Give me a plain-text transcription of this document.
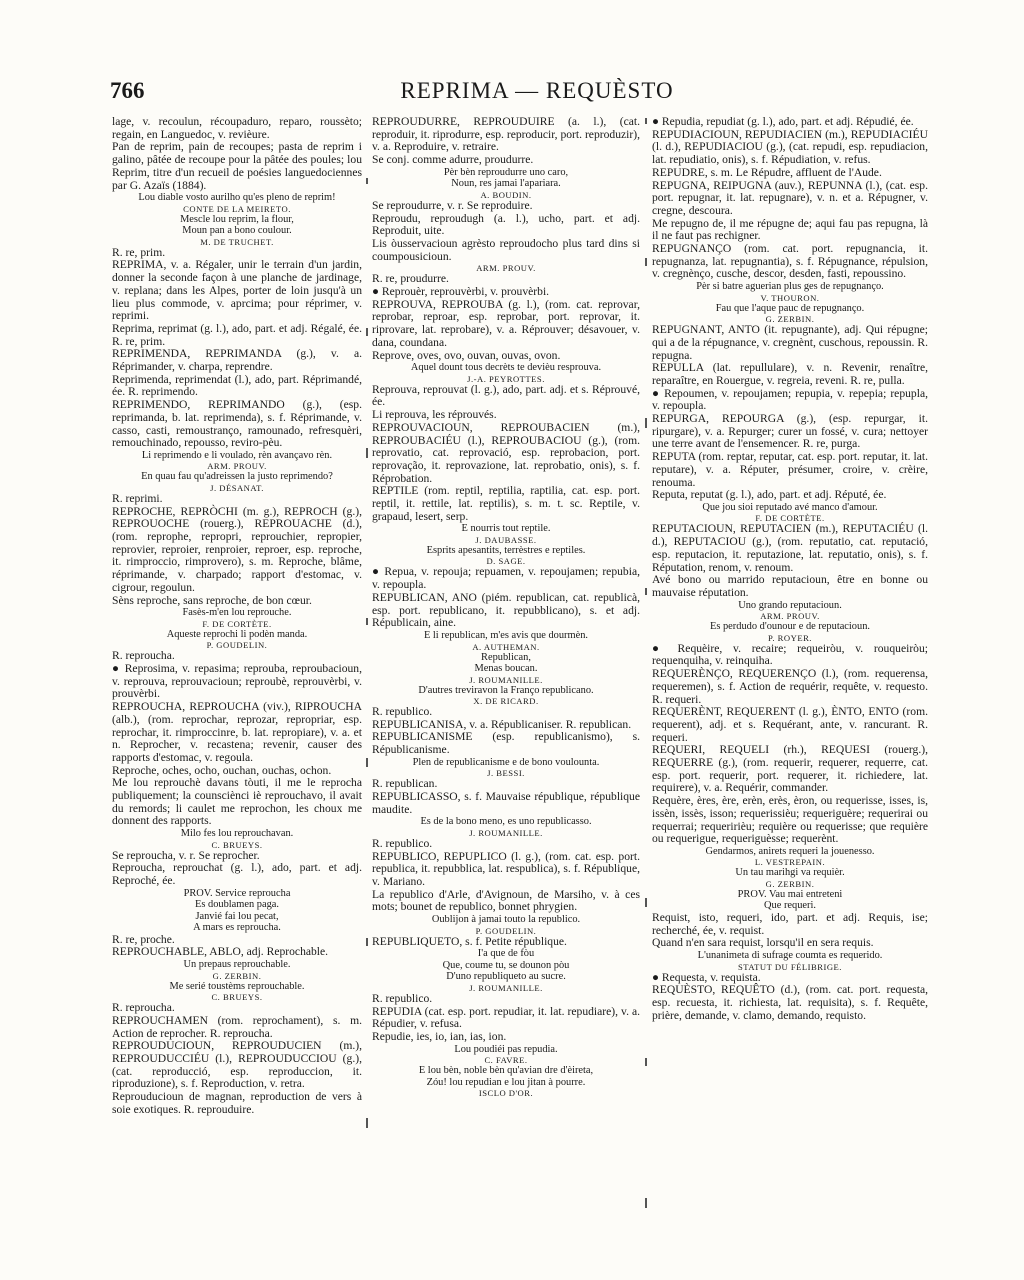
766	REPRIMA — REQUÈSTO

lage, v. recoulun, récoupaduro, reparo, roussèto; regain, en Languedoc, v. revièure.

Pan de reprim, pain de recoupes; pasta de reprim i galino, pâtée de recoupe pour la pâtée des poules; lou Reprim, titre d'un recueil de poésies languedociennes par G. Azaïs (1884).

Lou diable vosto aurilho qu'es pleno de reprim!

CONTE DE LA MEIRETO.

Mescle lou reprim, la flour,

Moun pan a bono coulour.

M. DE TRUCHET.

R. re, prim.

REPRIMA, v. a. Régaler, unir le terrain d'un jardin, donner la seconde façon à une planche de jardinage, v. replana; dans les Alpes, porter de loin jusqu'à un lieu plus commode, v. aprcima; pour réprimer, v. reprimi.

Reprima, reprimat (g. l.), ado, part. et adj. Régalé, ée. R. re, prim.

REPRIMENDA, REPRIMANDA (g.), v. a. Réprimander, v. charpa, reprendre.

Reprimenda, reprimendat (l.), ado, part. Réprimandé, ée. R. reprimendo.

REPRIMENDO, REPRIMANDO (g.), (esp. reprimanda, b. lat. reprimenda), s. f. Réprimande, v. casso, casti, remoustranço, ramounado, refresquèri, remouchinado, repousso, reviro-pèu.

Li reprimendo e li voulado, rèn avançavo rèn.

ARM. PROUV.

En quau fau qu'adreissen la justo reprimendo?

J. DÉSANAT.

R. reprimi.

REPROCHE, REPRÒCHI (m. g.), REPROCH (g.), REPROUOCHE (rouerg.), REPROUACHE (d.), (rom. reprophe, repropri, reprouchier, repropier, reprovier, reproier, renproier, reproer, esp. reproche, it. rimproccio, rimprovero), s. m. Reproche, blâme, réprimande, v. charpado; rapport d'estomac, v. cigrour, regoulun.

Sèns reproche, sans reproche, de bon cœur.

Fasès-m'en lou reprouche.

F. DE CORTÈTE.

Aqueste reprochi li podèn manda.

P. GOUDELIN.

R. reproucha.

● Reprosima, v. repasima; reprouba, reproubacioun, v. reprouva, reprouvacioun; reproubè, reprouvèrbi, v. prouvèrbi.

REPROUCHA, REPROUCHA (viv.), RIPROUCHA (alb.), (rom. reprochar, reprozar, repropriar, esp. reprochar, it. rimproccinre, b. lat. repropiare), v. a. et n. Reprocher, v. recastena; revenir, causer des rapports d'estomac, v. regoula.

Reproche, oches, ocho, ouchan, ouchas, ochon.

Me lou reprouchè davans tòuti, il me le reprocha publiquement; la counsciènci iè reprouchavo, il avait du remords; li caulet me reprochon, les choux me donnent des rapports.

Milo fes lou reprouchavan.

C. BRUEYS.

Se reproucha, v. r. Se reprocher.

Reproucha, reprouchat (g. l.), ado, part. et adj. Reproché, ée.

PROV. Service reproucha

Es doublamen paga.

Janvié fai lou pecat,

A mars es reproucha.

R. re, proche.

REPROUCHABLE, ABLO, adj. Reprochable.

Un prepaus reprouchable.

G. ZERBIN.

Me serié toustèms reprouchable.

C. BRUEYS.

R. reproucha.

REPROUCHAMEN (rom. reprochament), s. m. Action de reprocher. R. reproucha.

REPROUDUCIOUN, REPROUDUCIEN (m.), REPROUDUCCIÉU (l.), REPROUDUCCIOU (g.), (cat. reproducció, esp. reproduccion, it. riproduzione), s. f. Reproduction, v. retra.

Reprouducioun de magnan, reproduction de vers à soie exotiques. R. reprouduire.

REPROUDURRE, REPROUDUIRE (a. l.), (cat. reproduir, it. riprodurre, esp. reproducir, port. reproduzir), v. a. Reproduire, v. retraire.

Se conj. comme adurre, proudurre.

Pèr bèn reproudurre uno caro,

Noun, res jamai l'apariara.

A. BOUDIN.

Se reproudurre, v. r. Se reproduire.

Reproudu, reproudugh (a. l.), ucho, part. et adj. Reproduit, uite.

Lis òusservacioun agrèsto reproudocho plus tard dins si coumpousicioun.

ARM. PROUV.

R. re, proudurre.

● Reprouèr, reprouvèrbi, v. prouvèrbi.

REPROUVA, REPROUBA (g. l.), (rom. cat. reprovar, reprobar, reproar, esp. reprobar, port. reprovar, it. riprovare, lat. reprobare), v. a. Réprouver; désavouer, v. dana, coundana.

Reprove, oves, ovo, ouvan, ouvas, ovon.

Aquel dount tous decrèts te devièu resprouva.

J.-A. PEYROTTES.

Reprouva, reprouvat (l. g.), ado, part. adj. et s. Réprouvé, ée.

Li reprouva, les réprouvés.

REPROUVACIOUN, REPROUBACIEN (m.), REPROUBACIÉU (l.), REPROUBACIOU (g.), (rom. reprovatio, cat. reprovació, esp. reprobacion, port. reprovação, it. reprovazione, lat. reprobatio, onis), s. f. Réprobation.

REPTILE (rom. reptil, reptilia, raptilia, cat. esp. port. reptil, it. rettile, lat. reptilis), s. m. t. sc. Reptile, v. grapaud, lesert, serp.

E nourris tout reptile.

J. DAUBASSE.

Esprits apesantits, terrèstres e reptiles.

D. SAGE.

● Repua, v. repouja; repuamen, v. repoujamen; repubia, v. repoupla.

REPUBLICAN, ANO (piém. republican, cat. republicà, esp. port. republicano, it. repubblicano), s. et adj. Républicain, aine.

E li republican, m'es avis que dourmèn.

A. AUTHEMAN.

Republican,

Menas boucan.

J. ROUMANILLE.

D'autres treviravon la Franço republicano.

X. DE RICARD.

R. republico.

REPUBLICANISA, v. a. Républicaniser. R. republican.

REPUBLICANISME (esp. republicanismo), s. Républicanisme.

Plen de republicanisme e de bono voulounta.

J. BESSI.

R. republican.

REPUBLICASSO, s. f. Mauvaise république, république maudite.

Es de la bono meno, es uno republicasso.

J. ROUMANILLE.

R. republico.

REPUBLICO, REPUPLICO (l. g.), (rom. cat. esp. port. republica, it. repubblica, lat. respublica), s. f. République, v. Mariano.

La republico d'Arle, d'Avignoun, de Marsiho, v. à ces mots; bounet de republico, bonnet phrygien.

Oublijon à jamai touto la republico.

P. GOUDELIN.

REPUBLIQUETO, s. f. Petite république.

I'a que de fòu

Que, coume tu, se dounon pòu

D'uno republiqueto au sucre.

J. ROUMANILLE.

R. republico.

REPUDIA (cat. esp. port. repudiar, it. lat. repudiare), v. a. Répudier, v. refusa.

Repudie, ies, io, ian, ias, ion.

Lou poudiéi pas repudia.

C. FAVRE.

E lou bèn, noble bèn qu'avian dre d'èireta,

Zóu! lou repudian e lou jitan à pourre.

ISCLO D'OR.

● Repudia, repudiat (g. l.), ado, part. et adj. Répudié, ée.

REPUDIACIOUN, REPUDIACIEN (m.), REPUDIACIÉU (l. d.), REPUDIACIOU (g.), (cat. repudi, esp. repudiacion, lat. repudiatio, onis), s. f. Répudiation, v. refus.

REPUDRE, s. m. Le Répudre, affluent de l'Aude.

REPUGNA, REIPUGNA (auv.), REPUNNA (l.), (cat. esp. port. repugnar, it. lat. repugnare), v. n. et a. Répugner, v. cregne, descoura.

Me repugno de, il me répugne de; aqui fau pas repugna, là il ne faut pas rechigner.

REPUGNANÇO (rom. cat. port. repugnancia, it. repugnanza, lat. repugnantia), s. f. Répugnance, répulsion, v. cregnènço, cusche, descor, desden, fasti, repoussino.

Pèr si batre aguerian plus ges de repugnanço.

V. THOURON.

Fau que l'aque pauc de repugnanço.

G. ZERBIN.

REPUGNANT, ANTO (it. repugnante), adj. Qui répugne; qui a de la répugnance, v. cregnènt, cuschous, repoussin. R. repugna.

REPULLA (lat. repullulare), v. n. Revenir, renaître, reparaître, en Rouergue, v. regreia, reveni. R. re, pulla.

● Repoumen, v. repoujamen; repupia, v. repepia; repupla, v. repoupla.

REPURGA, REPOURGA (g.), (esp. repurgar, it. ripurgare), v. a. Repurger; curer un fossé, v. cura; nettoyer une terre avant de l'ensemencer. R. re, purga.

REPUTA (rom. reptar, reputar, cat. esp. port. reputar, it. lat. reputare), v. a. Réputer, présumer, croire, v. crèire, renouma.

Reputa, reputat (g. l.), ado, part. et adj. Réputé, ée.

Que jou sioi reputado avé manco d'amour.

F. DE CORTÈTE.

REPUTACIOUN, REPUTACIEN (m.), REPUTACIÉU (l. d.), REPUTACIOU (g.), (rom. reputatio, cat. reputació, esp. reputacion, it. reputazione, lat. reputatio, onis), s. f. Réputation, renom, v. renoum.

Avé bono ou marrido reputacioun, être en bonne ou mauvaise réputation.

Uno grando reputacioun.

ARM. PROUV.

Es perdudo d'ounour e de reputacioun.

P. ROYER.

● Requèire, v. recaire; requeiròu, v. rouqueiròu; requenquiha, v. reinquiha.

REQUERÈNÇO, REQUERENÇO (l.), (rom. requerensa, requeremen), s. f. Action de requérir, requête, v. requesto. R. requeri.

REQUERÈNT, REQUERENT (l. g.), ÈNTO, ENTO (rom. requerent), adj. et s. Requérant, ante, v. rancurant. R. requeri.

REQUERI, REQUELI (rh.), REQUESI (rouerg.), REQUERRE (g.), (rom. requerir, requerer, requerre, cat. esp. port. requerir, port. requerer, it. richiedere, lat. requirere), v. a. Requérir, commander.

Requère, ères, ère, erèn, erès, èron, ou requerisse, isses, is, issèn, issès, isson; requerissièu; requeriguère; requerirai ou requerrai; requeririèu; requière ou requerisse; que requière ou requerigue, requeriguèsse; requerènt.

Gendarmos, anirets requeri la jouenesso.

L. VESTREPAIN.

Un tau marihgi va requièr.

G. ZERBIN.

PROV. Vau mai entreteni

Que requeri.

Requist, isto, requeri, ido, part. et adj. Requis, ise; recherché, ée, v. requist.

Quand n'en sara requist, lorsqu'il en sera requis.

L'unanimeta di sufrage coumta es requerido.

STATUT DU FÉLIBRIGE.

● Requesta, v. requista.

REQUÈSTO, REQUÊTO (d.), (rom. cat. port. requesta, esp. recuesta, it. richiesta, lat. requisita), s. f. Requête, prière, demande, v. clamo, demando, requisto.
